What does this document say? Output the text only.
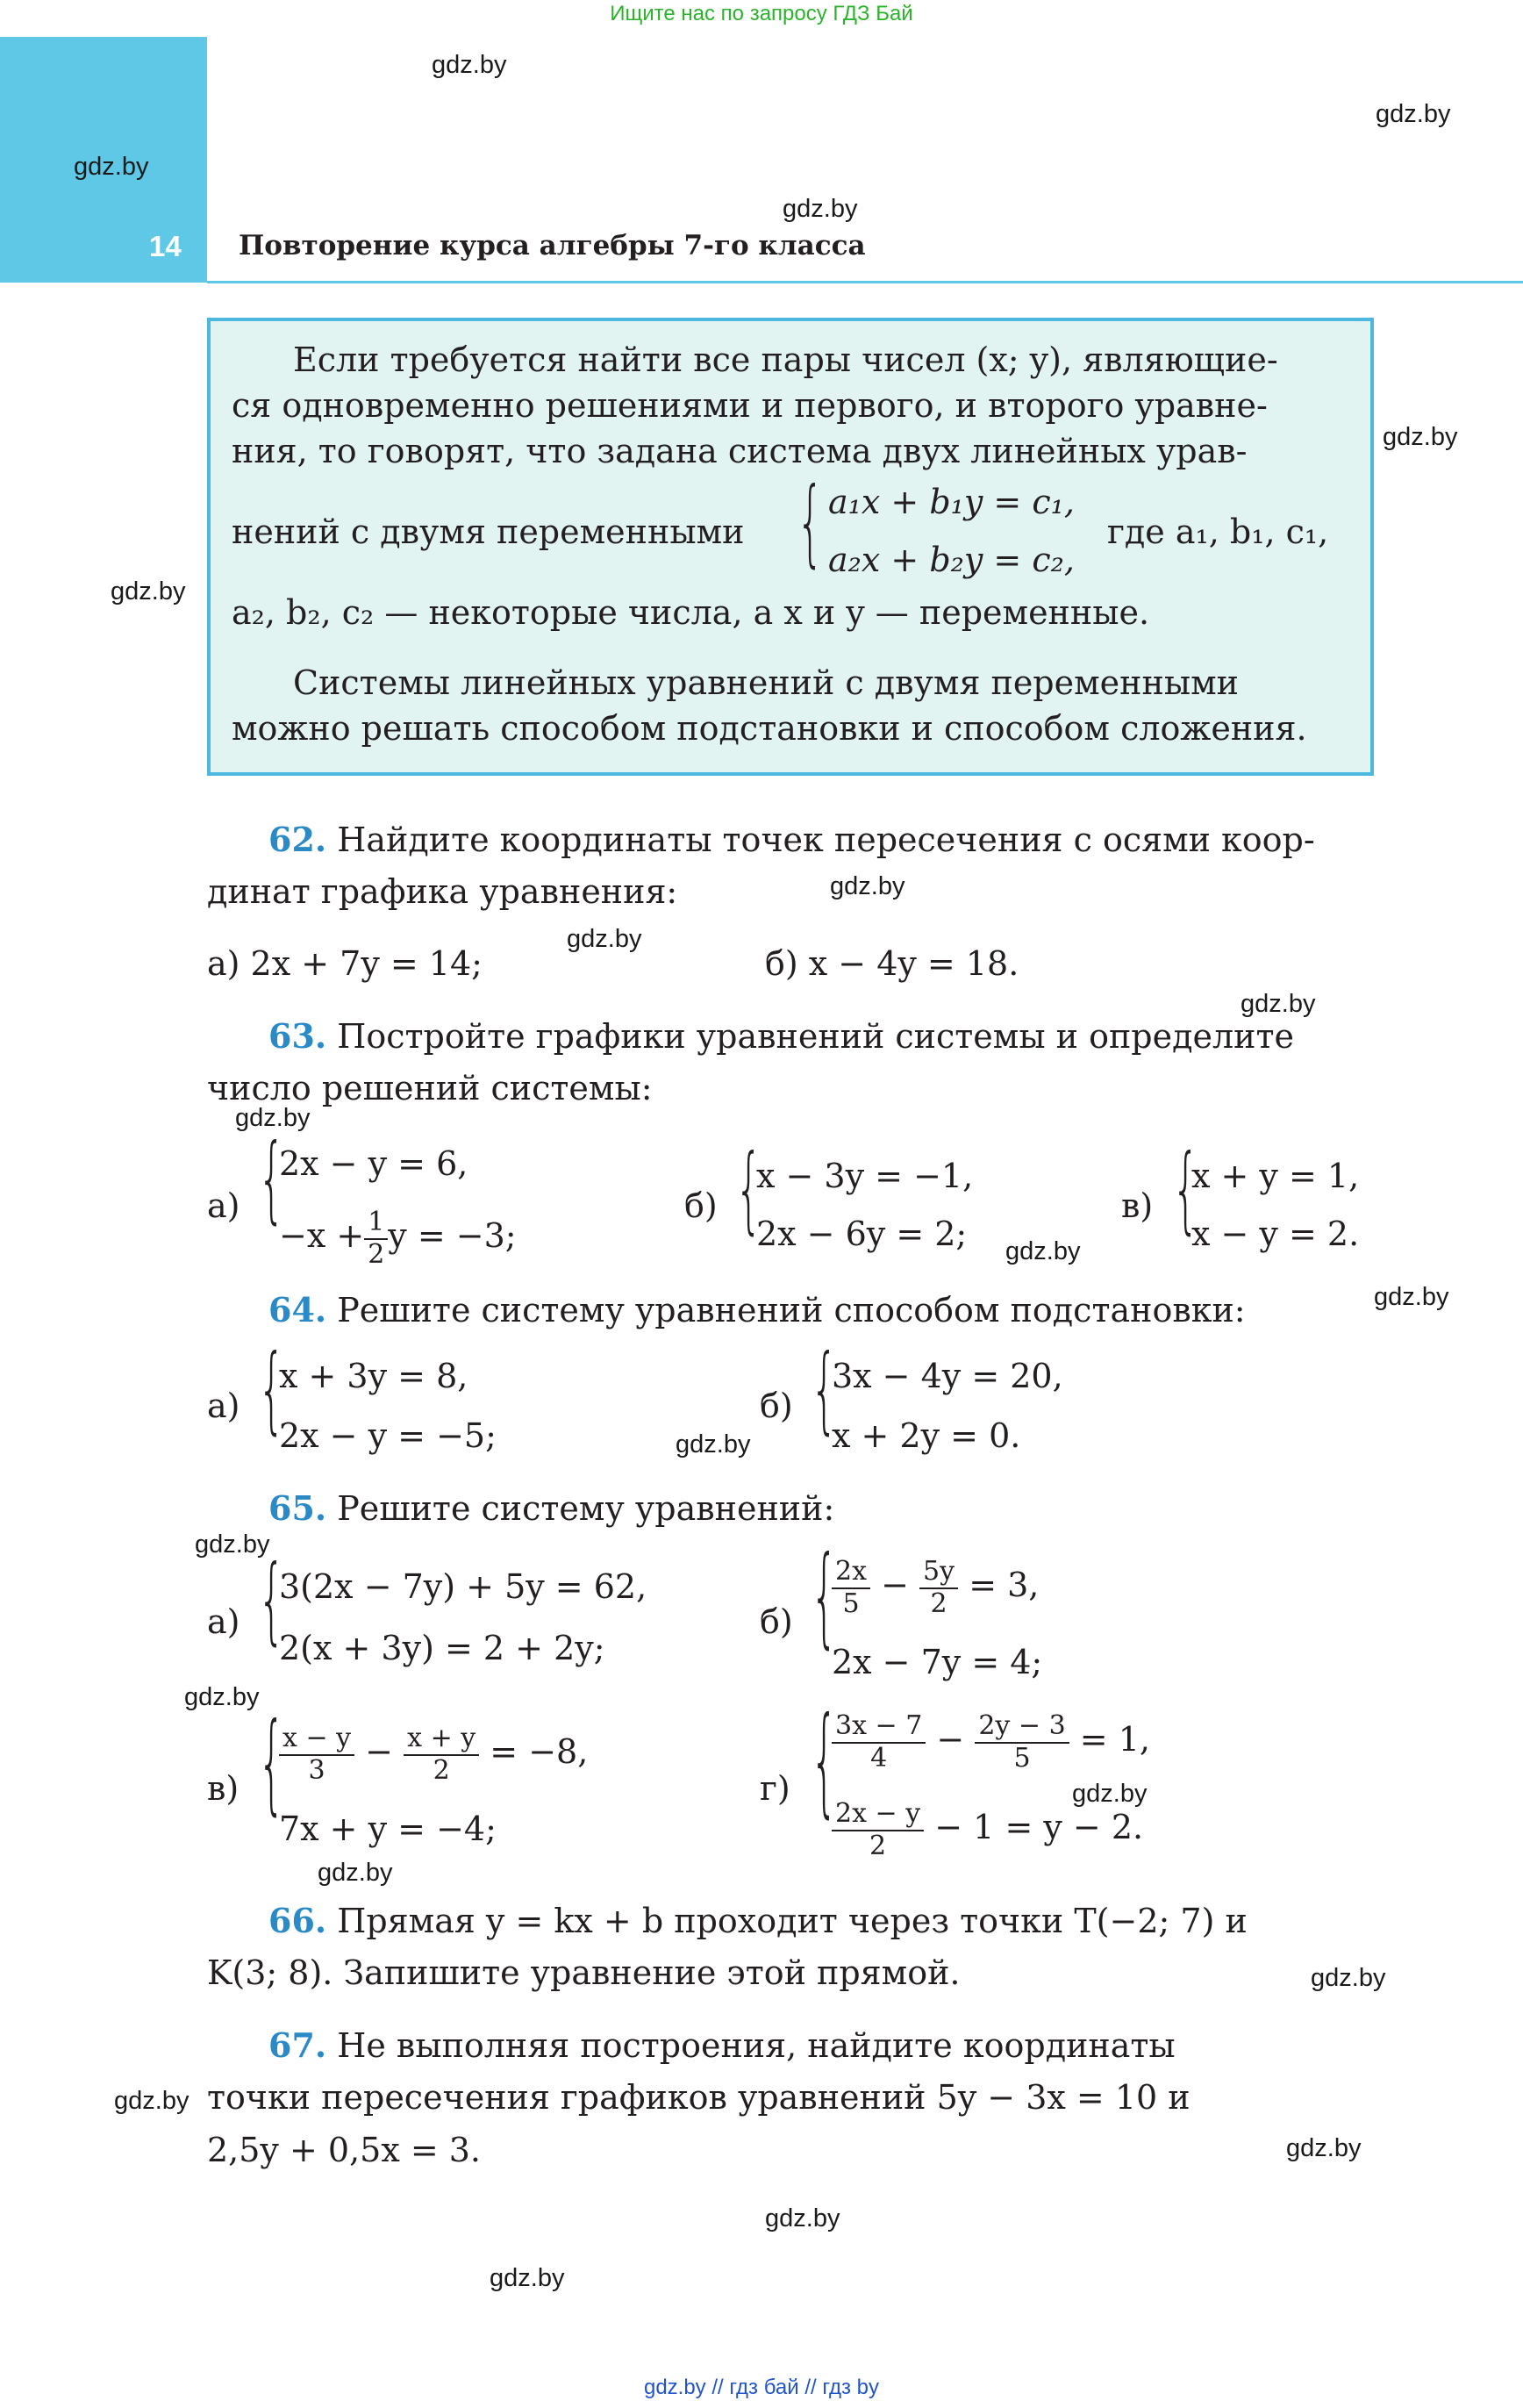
Ищите нас по запросу ГДЗ Бай
14 Повторение курса алгебры 7-го класса
gdz.by
gdz.by
gdz.by
gdz.by
gdz.by
gdz.by
gdz.by
gdz.by
gdz.by
gdz.by
gdz.by
gdz.by
gdz.by
gdz.by
gdz.by
gdz.by
gdz.by
gdz.by
gdz.by
gdz.by
gdz.by
gdz.by
Если требуется найти все пары чисел (x; y), являющие-
ся одновременно решениями и первого, и второго уравне-
ния, то говорят, что задана система двух линейных урав-
нений с двумя переменными { a₁x + b₁y = c₁,
a₂x + b₂y = c₂,
где a₁, b₁, c₁,
a₂, b₂, c₂ — некоторые числа, а x и y — переменные.
Системы линейных уравнений с двумя переменными
можно решать способом подстановки и способом сложения.
62. Найдите координаты точек пересечения с осями коор-
динат графика уравнения:
а) 2x + 7y = 14;	б) x − 4y = 18.
63. Постройте графики уравнений системы и определите
число решений системы:
а) {
2x − y = 6,
$-x + \frac{1}{2}$ y = −3;
б) {
x − 3y = −1,
2x − 6y = 2;
в) {
x + y = 1,
x − y = 2.
64. Решите систему уравнений способом подстановки:
а) {
x + 3y = 8,
2x − y = −5;
б) {
3x − 4y = 20,
x + 2y = 0.
65. Решите систему уравнений:
а) {
3(2x − 7y) + 5y = 62,
2(x + 3y) = 2 + 2y;
б) {
$\frac{2x}{5} - \frac{5y}{2} = 3$,
2x − 7y = 4;
в) {
$\frac{x - y}{3} - \frac{x + y}{2} = -8$,
7x + y = −4;
г) {
$\frac{3x - 7}{4} - \frac{2y - 3}{5} = 1$,
$\frac{2x - y}{2} - 1 = y - 2$.
66. Прямая y = kx + b проходит через точки T(−2; 7) и
K(3; 8). Запишите уравнение этой прямой.
67. Не выполняя построения, найдите координаты
точки пересечения графиков уравнений 5y − 3x = 10 и
2,5y + 0,5x = 3.
gdz.by // гдз бай // гдз by
